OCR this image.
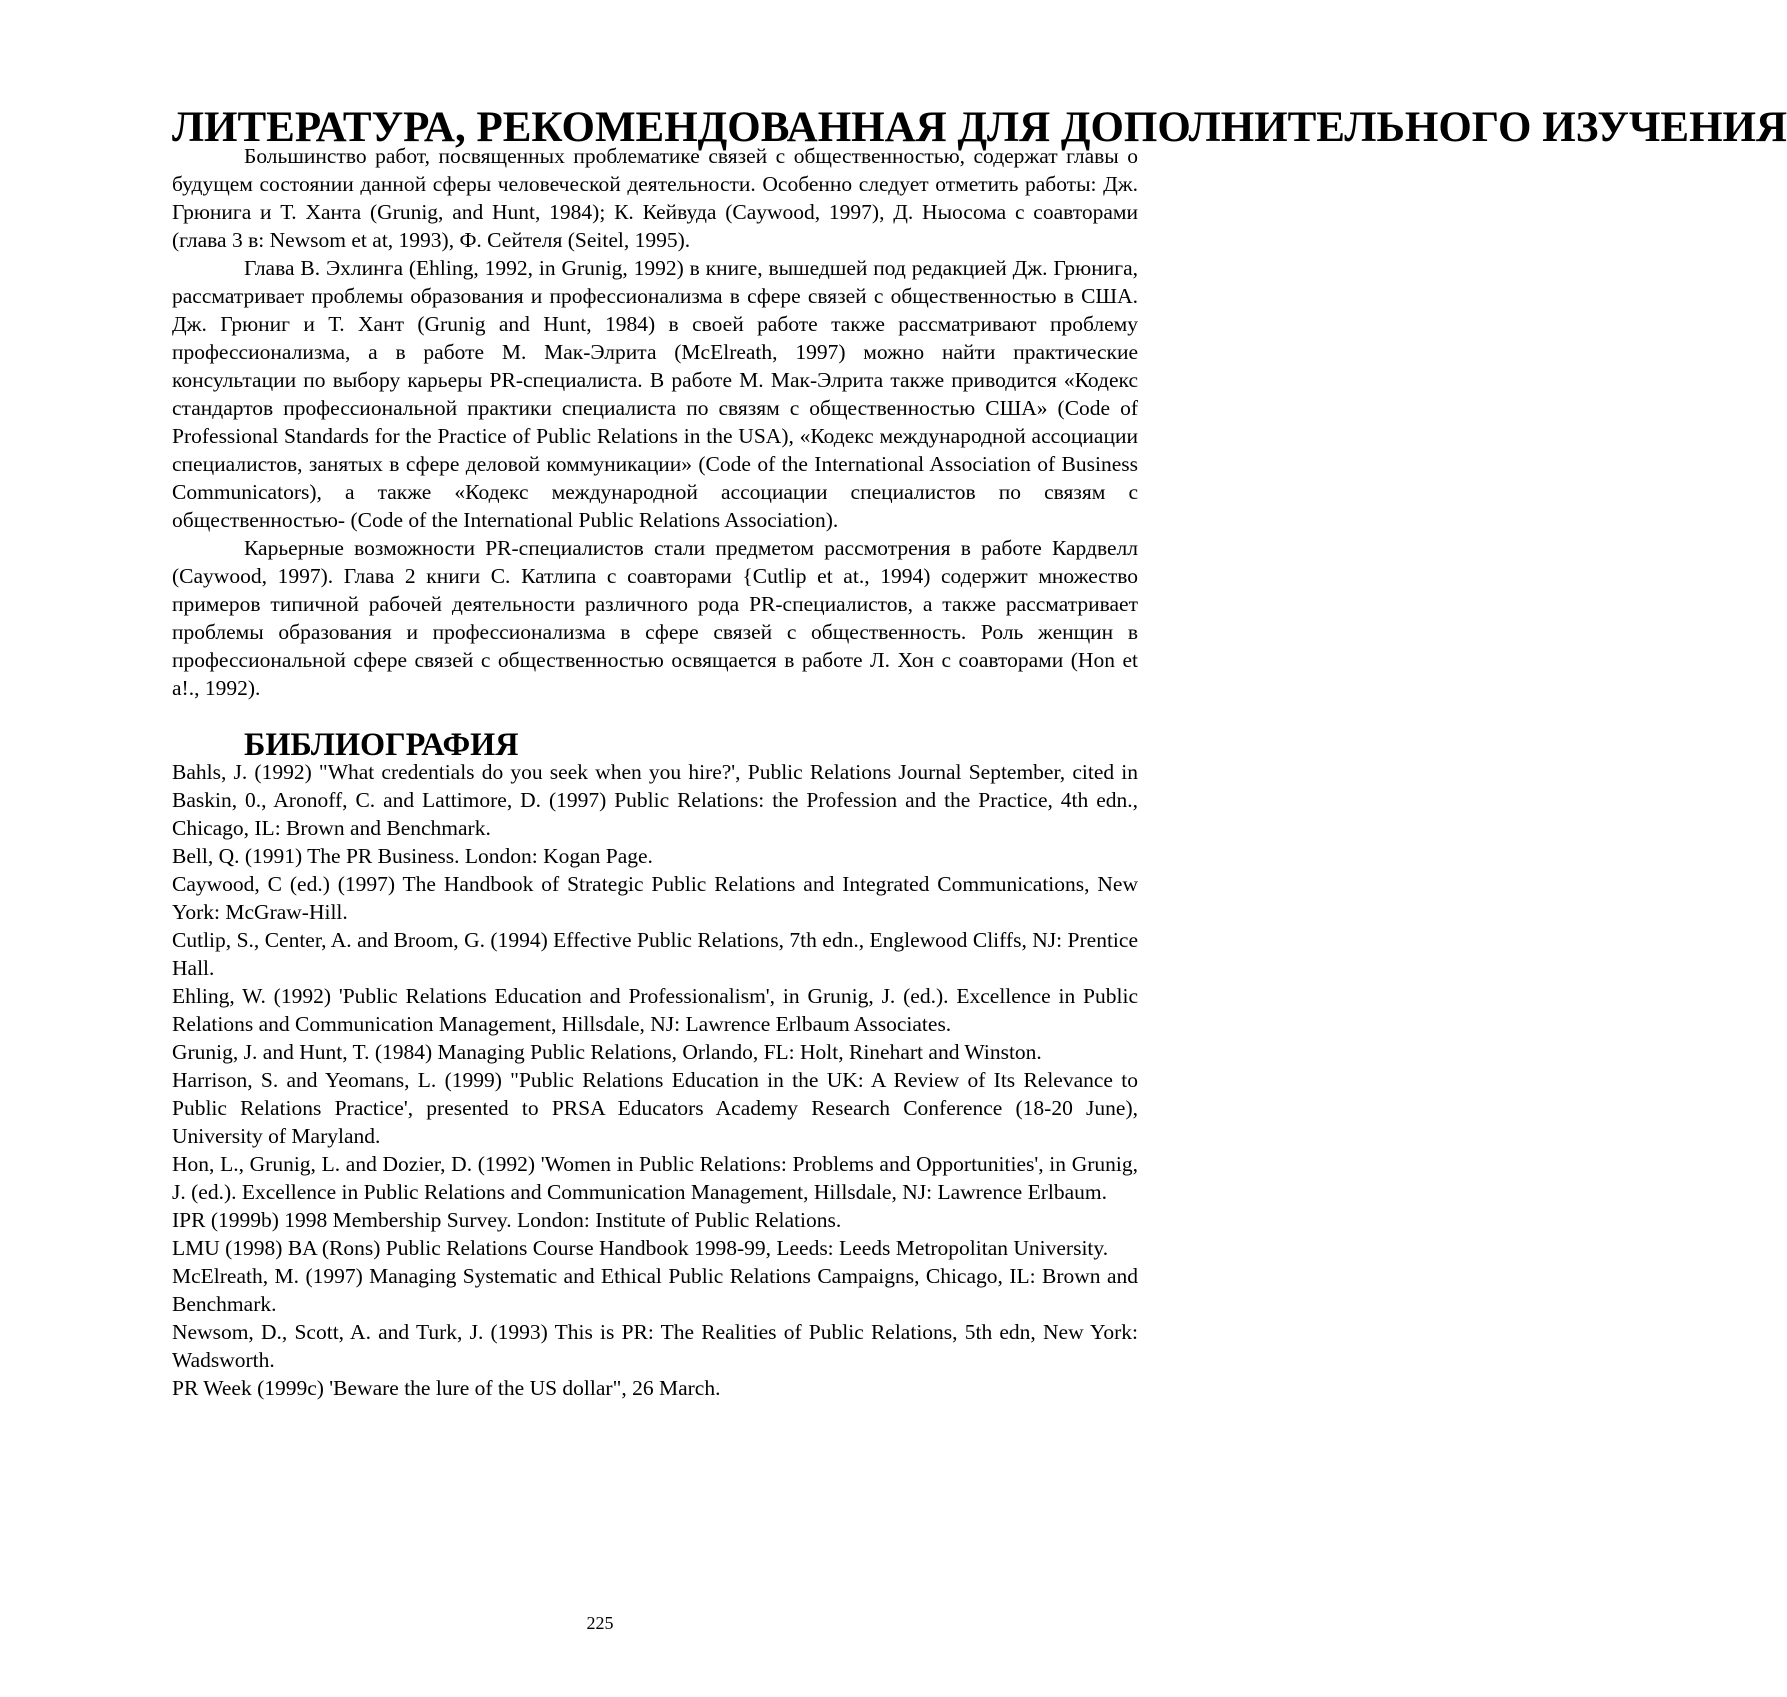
ЛИТЕРАТУРА, РЕКОМЕНДОВАННАЯ ДЛЯ ДОПОЛНИТЕЛЬНОГО ИЗУЧЕНИЯ

Большинство работ, посвященных проблематике связей с общественностью, содержат главы о будущем состоянии данной сферы человеческой деятельности. Особенно следует отметить работы: Дж. Грюнига и Т. Ханта (Grunig, and Hunt, 1984); К. Кейвуда (Caywood, 1997), Д. Ныосома с соавторами (глава 3 в: Newsom et at, 1993), Ф. Сейтеля (Seitel, 1995).

Глава В. Эхлинга (Ehling, 1992, in Grunig, 1992) в книге, вышедшей под редакцией Дж. Грюнига, рассматривает проблемы образования и профессионализма в сфере связей с общественностью в США. Дж. Грюниг и Т. Хант (Grunig and Hunt, 1984) в своей работе также рассматривают проблему профессионализма, а в работе М. Мак-Элрита (McElreath, 1997) можно найти практические консультации по выбору карьеры PR-специалиста. В работе М. Мак-Элрита также приводится «Кодекс стандартов профессиональной практики специалиста по связям с общественностью США» (Code of Professional Standards for the Practice of Public Relations in the USA), «Кодекс международной ассоциации специалистов, занятых в сфере деловой коммуникации» (Code of the International Association of Business Communicators), а также «Кодекс международной ассоциации специалистов по связям с общественностью- (Code of the International Public Relations Association).

Карьерные возможности PR-специалистов стали предметом рассмотрения в работе Кардвелл (Caywood, 1997). Глава 2 книги С. Катлипа с соавторами {Cutlip et at., 1994) содержит множество примеров типичной рабочей деятельности различного рода PR-специалистов, а также рассматривает проблемы образования и профессионализма в сфере связей с общественность. Роль женщин в профессиональной сфере связей с общественностью освящается в работе Л. Хон с соавторами (Hon et a!., 1992).

БИБЛИОГРАФИЯ

Bahls, J. (1992) "What credentials do you seek when you hire?', Public Relations Journal September, cited in Baskin, 0., Aronoff, C. and Lattimore, D. (1997) Public Relations: the Profession and the Practice, 4th edn., Chicago, IL: Brown and Benchmark.

Bell, Q. (1991) The PR Business. London: Kogan Page.

Caywood, C (ed.) (1997) The Handbook of Strategic Public Relations and Integrated Communications, New York: McGraw-Hill.

Cutlip, S., Center, A. and Broom, G. (1994) Effective Public Relations, 7th edn., Englewood Cliffs, NJ: Prentice Hall.

Ehling, W. (1992) 'Public Relations Education and Professionalism', in Grunig, J. (ed.). Excellence in Public Relations and Communication Management, Hillsdale, NJ: Lawrence Erlbaum Associates.

Grunig, J. and Hunt, T. (1984) Managing Public Relations, Orlando, FL: Holt, Rinehart and Winston.

Harrison, S. and Yeomans, L. (1999) "Public Relations Education in the UK: A Review of Its Relevance to Public Relations Practice', presented to PRSA Educators Academy Research Conference (18-20 June), University of Maryland.

Hon, L., Grunig, L. and Dozier, D. (1992) 'Women in Public Relations: Problems and Opportunities', in Grunig, J. (ed.). Excellence in Public Relations and Communication Management, Hillsdale, NJ: Lawrence Erlbaum.

IPR (1999b) 1998 Membership Survey. London: Institute of Public Relations.

LMU (1998) BA (Rons) Public Relations Course Handbook 1998-99, Leeds: Leeds Metropolitan University.

McElreath, M. (1997) Managing Systematic and Ethical Public Relations Campaigns, Chicago, IL: Brown and Benchmark.

Newsom, D., Scott, A. and Turk, J. (1993) This is PR: The Realities of Public Relations, 5th edn, New York: Wadsworth.

PR Week (1999c) 'Beware the lure of the US dollar", 26 March.

225
